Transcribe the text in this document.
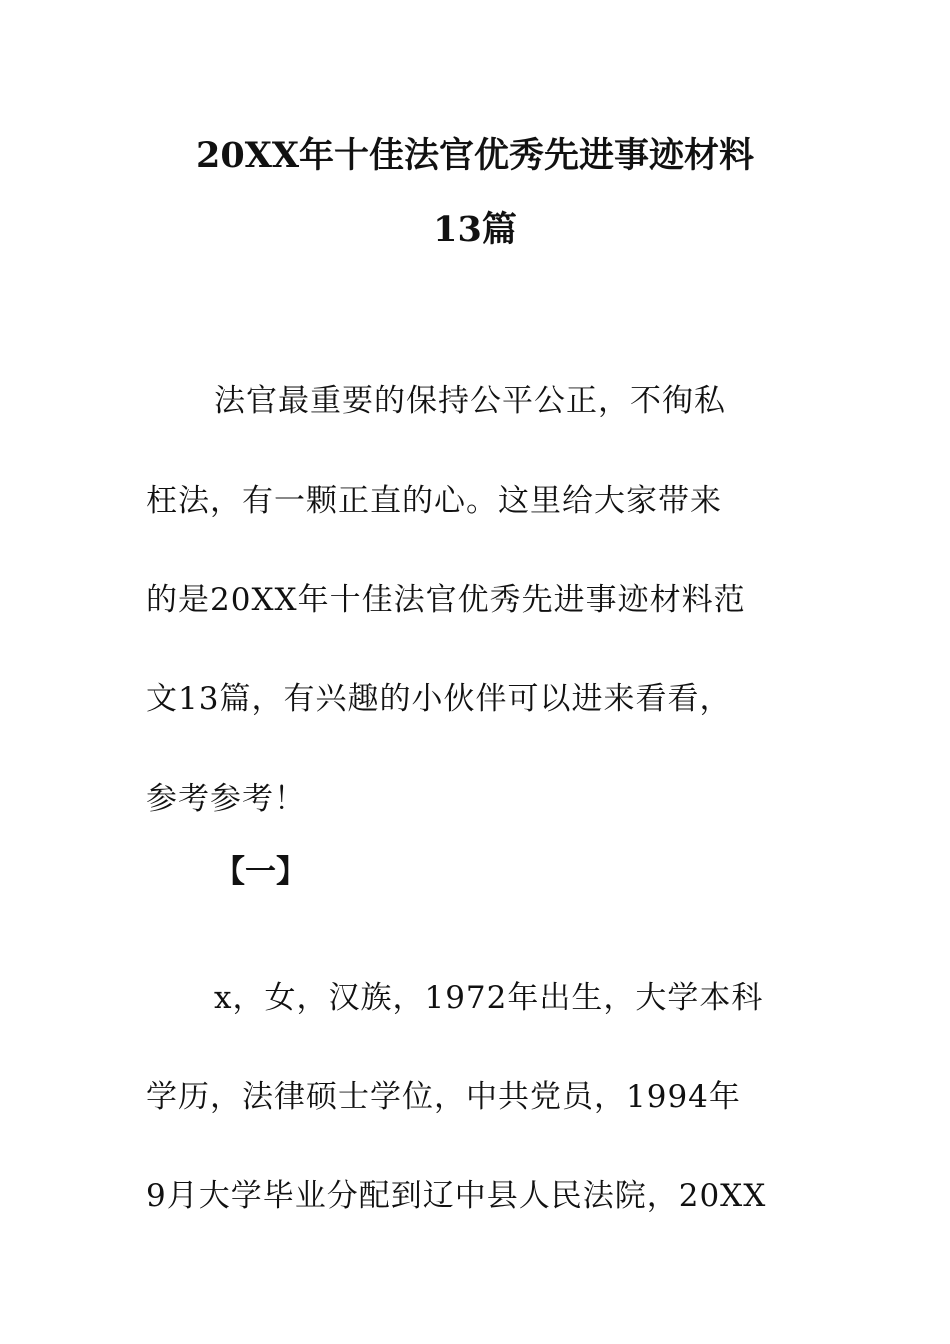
20XX年十佳法官优秀先进事迹材料
13篇
法官最重要的保持公平公正，不徇私
枉法，有一颗正直的心。这里给大家带来
的是20XX年十佳法官优秀先进事迹材料范
文13篇，有兴趣的小伙伴可以进来看看，
参考参考！
【一】
x，女，汉族，1972年出生，大学本科
学历，法律硕士学位，中共党员，1994年
9月大学毕业分配到辽中县人民法院，20XX
